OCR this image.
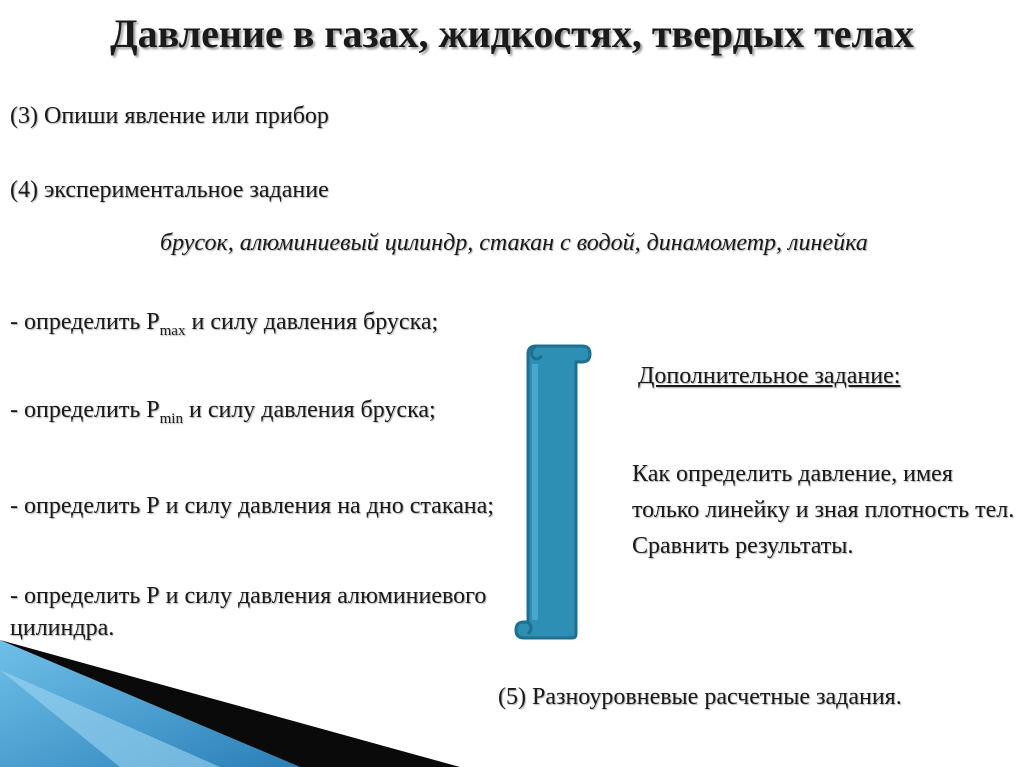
Давление в газах, жидкостях, твердых телах

(3) Опиши явление или прибор

(4) экспериментальное задание

брусок, алюминиевый цилиндр, стакан с водой, динамометр, линейка
- определить $P_{max}$ и силу давления бруска;
- определить $P_{min}$ и силу давления бруска;
- определить Р и силу давления на дно стакана;
- определить Р и силу давления алюминиевого цилиндра.
Дополнительное задание:
Как определить давление, имея только линейку и зная плотность тел. Сравнить результаты.
(5) Разноуровневые расчетные задания.
